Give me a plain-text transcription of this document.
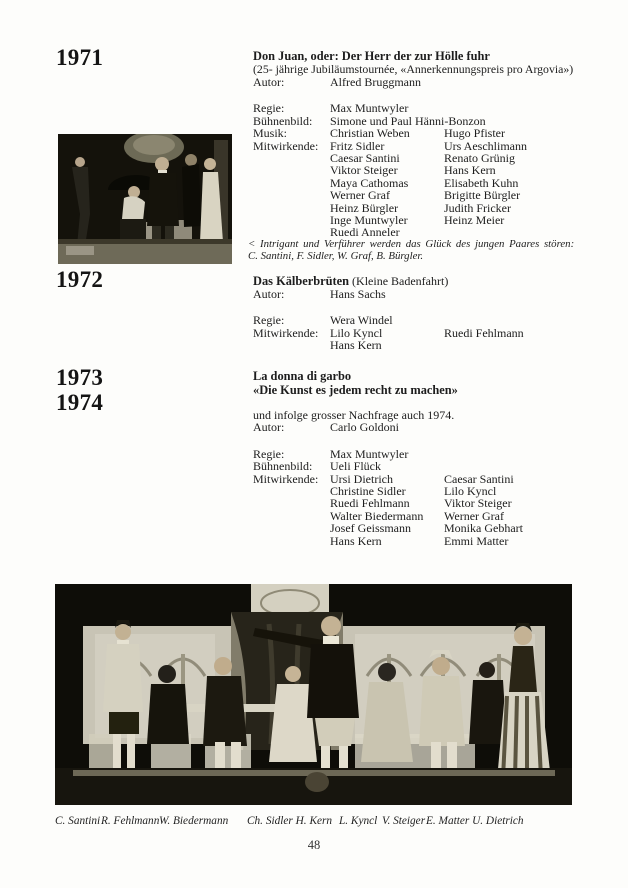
1971	Don Juan, oder: Der Herr der zur Hölle fuhr
(25- jährige Jubiläumstournée, «Annerkennungspreis pro Argovia»)
Autor:	Alfred Bruggmann
Regie:	Max Muntwyler
Bühnenbild:	Simone und Paul Hänni-Bonzon
Musik:	Christian Weben	Hugo Pfister
Mitwirkende: Fritz Sidler	Urs Aeschlimann
Caesar Santini	Renato Grünig
Viktor Steiger	Hans Kern
Maya Cathomas	Elisabeth Kuhn
Werner Graf	Brigitte Bürgler
Heinz Bürgler	Judith Fricker
Inge Muntwyler	Heinz Meier
Ruedi Anneler
< Intrigant und Verführer werden das Glück des jungen Paares stören:
C. Santini, F. Sidler, W. Graf, B. Bürgler.
1972	Das Kälberbrüten (Kleine Badenfahrt)
Autor:	Hans Sachs
Regie:	Wera Windel
Mitwirkende: Lilo Kyncl	Ruedi Fehlmann
Hans Kern
1973
1974
La donna di garbo
«Die Kunst es jedem recht zu machen»
und infolge grosser Nachfrage auch 1974.
Autor:	Carlo Goldoni
Regie:	Max Muntwyler
Bühnenbild:	Ueli Flück
Mitwirkende: Ursi Dietrich	Caesar Santini
Christine Sidler	Lilo Kyncl
Ruedi Fehlmann	Viktor Steiger
Walter Biedermann	Werner Graf
Josef Geissmann	Monika Gebhart
Hans Kern	Emmi Matter
C. Santini R. Fehlmann W. Biedermann Ch. Sidler H. Kern L. Kyncl V. Steiger E. Matter U. Dietrich
48
